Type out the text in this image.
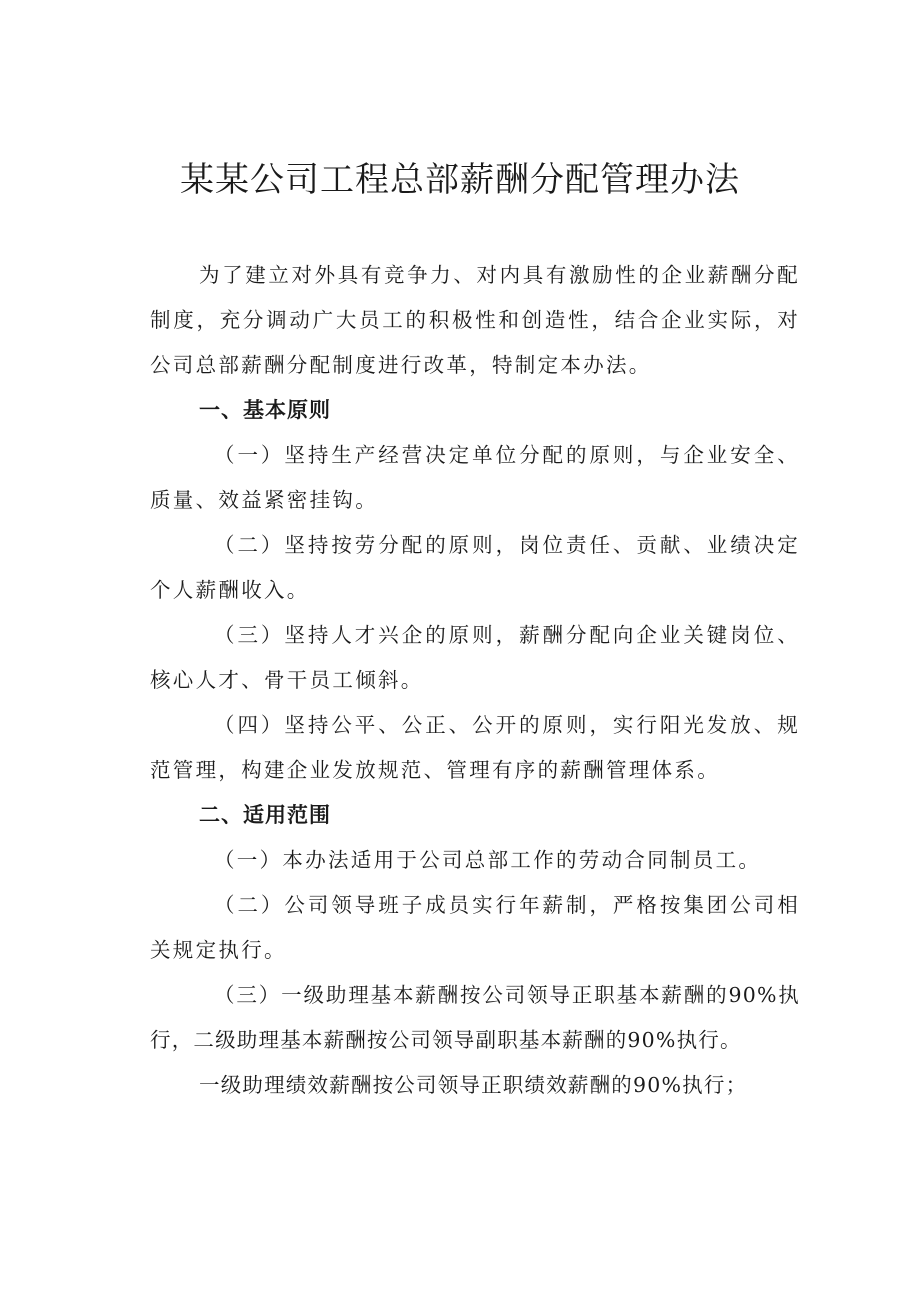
某某公司工程总部薪酬分配管理办法

为了建立对外具有竞争力、对内具有激励性的企业薪酬分配制度，充分调动广大员工的积极性和创造性，结合企业实际，对公司总部薪酬分配制度进行改革，特制定本办法。

一、基本原则

（一）坚持生产经营决定单位分配的原则，与企业安全、质量、效益紧密挂钩。

（二）坚持按劳分配的原则，岗位责任、贡献、业绩决定个人薪酬收入。

（三）坚持人才兴企的原则，薪酬分配向企业关键岗位、核心人才、骨干员工倾斜。

（四）坚持公平、公正、公开的原则，实行阳光发放、规范管理，构建企业发放规范、管理有序的薪酬管理体系。

二、适用范围

（一）本办法适用于公司总部工作的劳动合同制员工。

（二）公司领导班子成员实行年薪制，严格按集团公司相关规定执行。

（三）一级助理基本薪酬按公司领导正职基本薪酬的90%执行，二级助理基本薪酬按公司领导副职基本薪酬的90%执行。

一级助理绩效薪酬按公司领导正职绩效薪酬的90%执行；
